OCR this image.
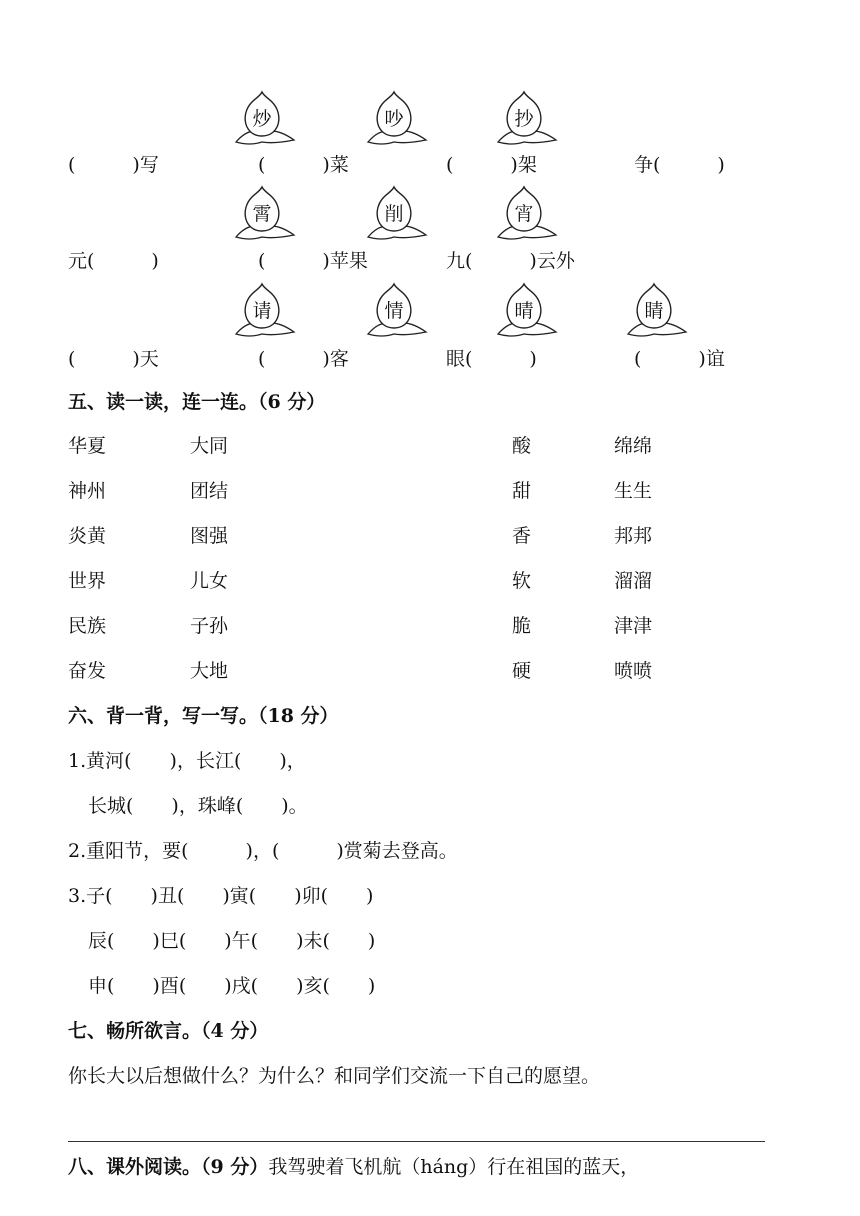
炒	吵	抄
(　　　)写	(　　　)菜	(　　　)架	争(　　　)
霄	削	宵
元(　　　)	(　　　)苹果	九(　　　)云外
请	情	晴	睛
(　　　)天	(　　　)客	眼(　　　)	(　　　)谊
五、读一读，连一连。（6 分）
华夏	大同
神州	团结
炎黄	图强
世界	儿女
民族	子孙
奋发	大地
酸	绵绵
甜	生生
香	邦邦
软	溜溜
脆	津津
硬	喷喷
六、背一背，写一写。（18 分）
1.黄河(　　)，长江(　　)，
长城(　　)，珠峰(　　)。
2.重阳节，要(　　　)，(　　　)赏菊去登高。
3.子(　　)丑(　　)寅(　　)卯(　　)
辰(　　)巳(　　)午(　　)未(　　)
申(　　)酉(　　)戌(　　)亥(　　)
七、畅所欲言。（4 分）
你长大以后想做什么？为什么？和同学们交流一下自己的愿望。
八、课外阅读。（9 分）我驾驶着飞机航（háng）行在祖国的蓝天，
